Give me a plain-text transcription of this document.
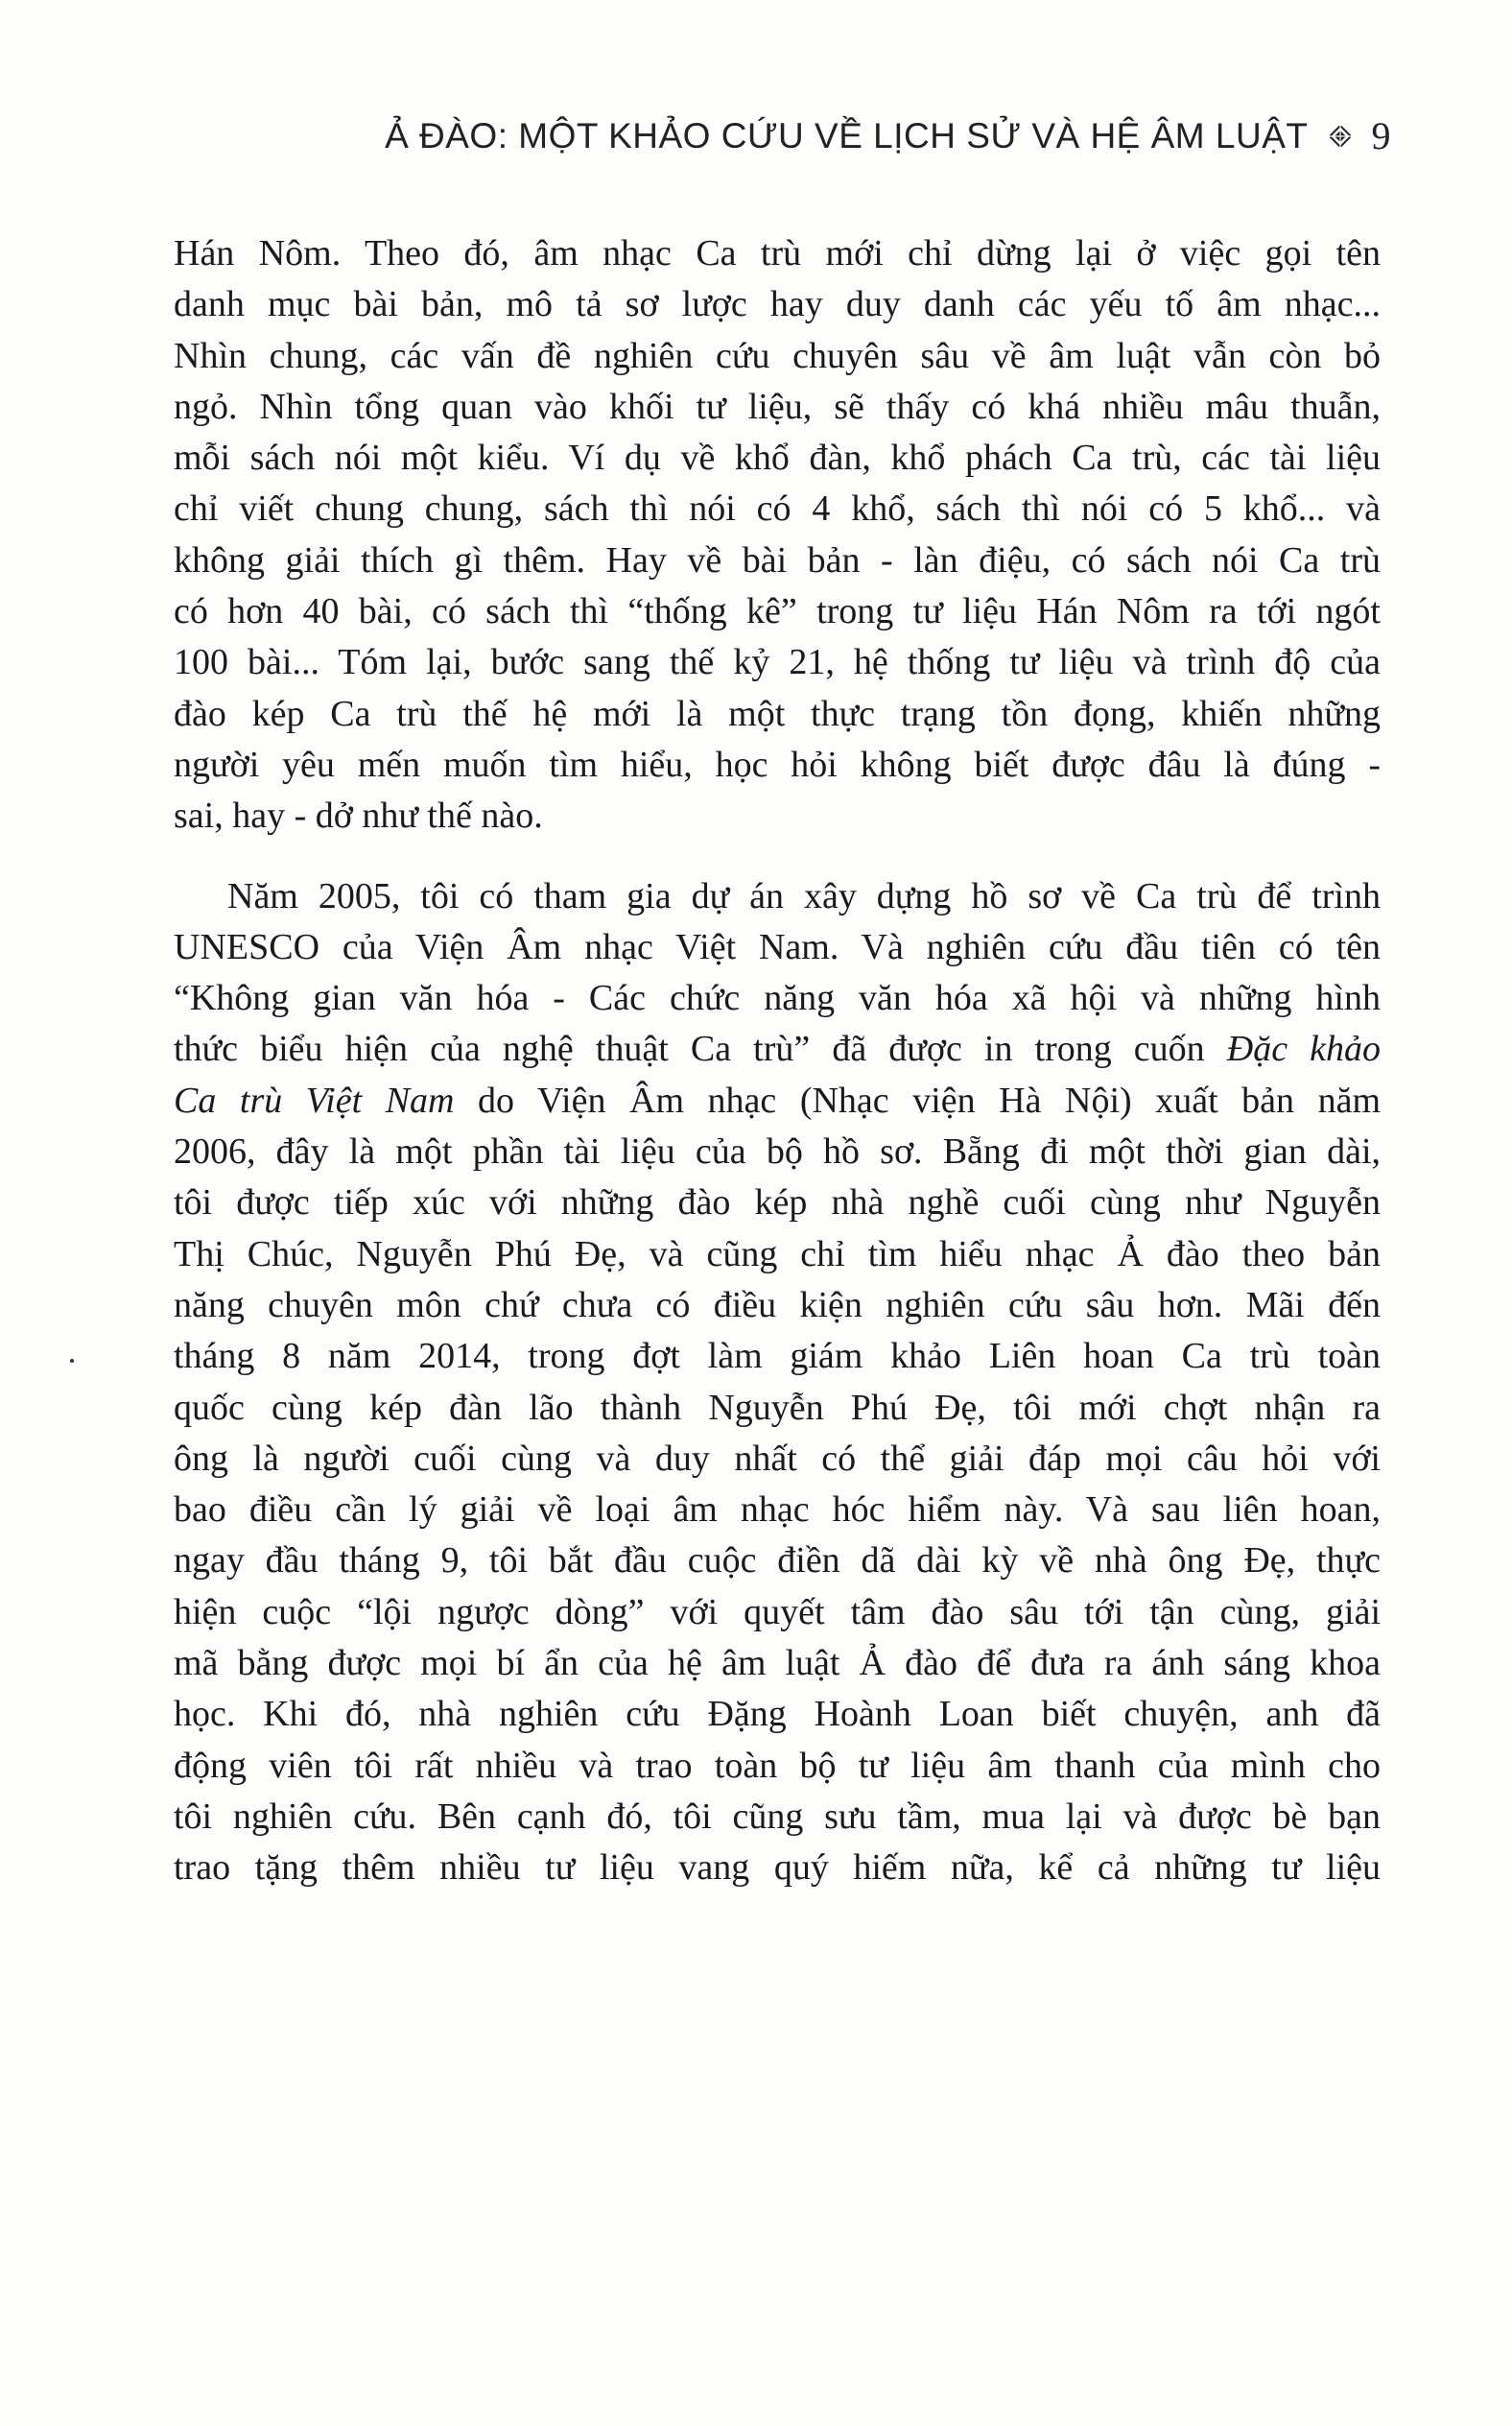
Ả ĐÀO: MỘT KHẢO CỨU VỀ LỊCH SỬ VÀ HỆ ÂM LUẬT 9
Hán Nôm. Theo đó, âm nhạc Ca trù mới chỉ dừng lại ở việc gọi tên
danh mục bài bản, mô tả sơ lược hay duy danh các yếu tố âm nhạc...
Nhìn chung, các vấn đề nghiên cứu chuyên sâu về âm luật vẫn còn bỏ
ngỏ. Nhìn tổng quan vào khối tư liệu, sẽ thấy có khá nhiều mâu thuẫn,
mỗi sách nói một kiểu. Ví dụ về khổ đàn, khổ phách Ca trù, các tài liệu
chỉ viết chung chung, sách thì nói có 4 khổ, sách thì nói có 5 khổ... và
không giải thích gì thêm. Hay về bài bản - làn điệu, có sách nói Ca trù
có hơn 40 bài, có sách thì “thống kê” trong tư liệu Hán Nôm ra tới ngót
100 bài... Tóm lại, bước sang thế kỷ 21, hệ thống tư liệu và trình độ của
đào kép Ca trù thế hệ mới là một thực trạng tồn đọng, khiến những
người yêu mến muốn tìm hiểu, học hỏi không biết được đâu là đúng -
sai, hay - dở như thế nào.
Năm 2005, tôi có tham gia dự án xây dựng hồ sơ về Ca trù để trình
UNESCO của Viện Âm nhạc Việt Nam. Và nghiên cứu đầu tiên có tên
“Không gian văn hóa - Các chức năng văn hóa xã hội và những hình
thức biểu hiện của nghệ thuật Ca trù” đã được in trong cuốn Đặc khảo
Ca trù Việt Nam do Viện Âm nhạc (Nhạc viện Hà Nội) xuất bản năm
2006, đây là một phần tài liệu của bộ hồ sơ. Bẵng đi một thời gian dài,
tôi được tiếp xúc với những đào kép nhà nghề cuối cùng như Nguyễn
Thị Chúc, Nguyễn Phú Đẹ, và cũng chỉ tìm hiểu nhạc Ả đào theo bản
năng chuyên môn chứ chưa có điều kiện nghiên cứu sâu hơn. Mãi đến
tháng 8 năm 2014, trong đợt làm giám khảo Liên hoan Ca trù toàn
quốc cùng kép đàn lão thành Nguyễn Phú Đẹ, tôi mới chợt nhận ra
ông là người cuối cùng và duy nhất có thể giải đáp mọi câu hỏi với
bao điều cần lý giải về loại âm nhạc hóc hiểm này. Và sau liên hoan,
ngay đầu tháng 9, tôi bắt đầu cuộc điền dã dài kỳ về nhà ông Đẹ, thực
hiện cuộc “lội ngược dòng” với quyết tâm đào sâu tới tận cùng, giải
mã bằng được mọi bí ẩn của hệ âm luật Ả đào để đưa ra ánh sáng khoa
học. Khi đó, nhà nghiên cứu Đặng Hoành Loan biết chuyện, anh đã
động viên tôi rất nhiều và trao toàn bộ tư liệu âm thanh của mình cho
tôi nghiên cứu. Bên cạnh đó, tôi cũng sưu tầm, mua lại và được bè bạn
trao tặng thêm nhiều tư liệu vang quý hiếm nữa, kể cả những tư liệu
